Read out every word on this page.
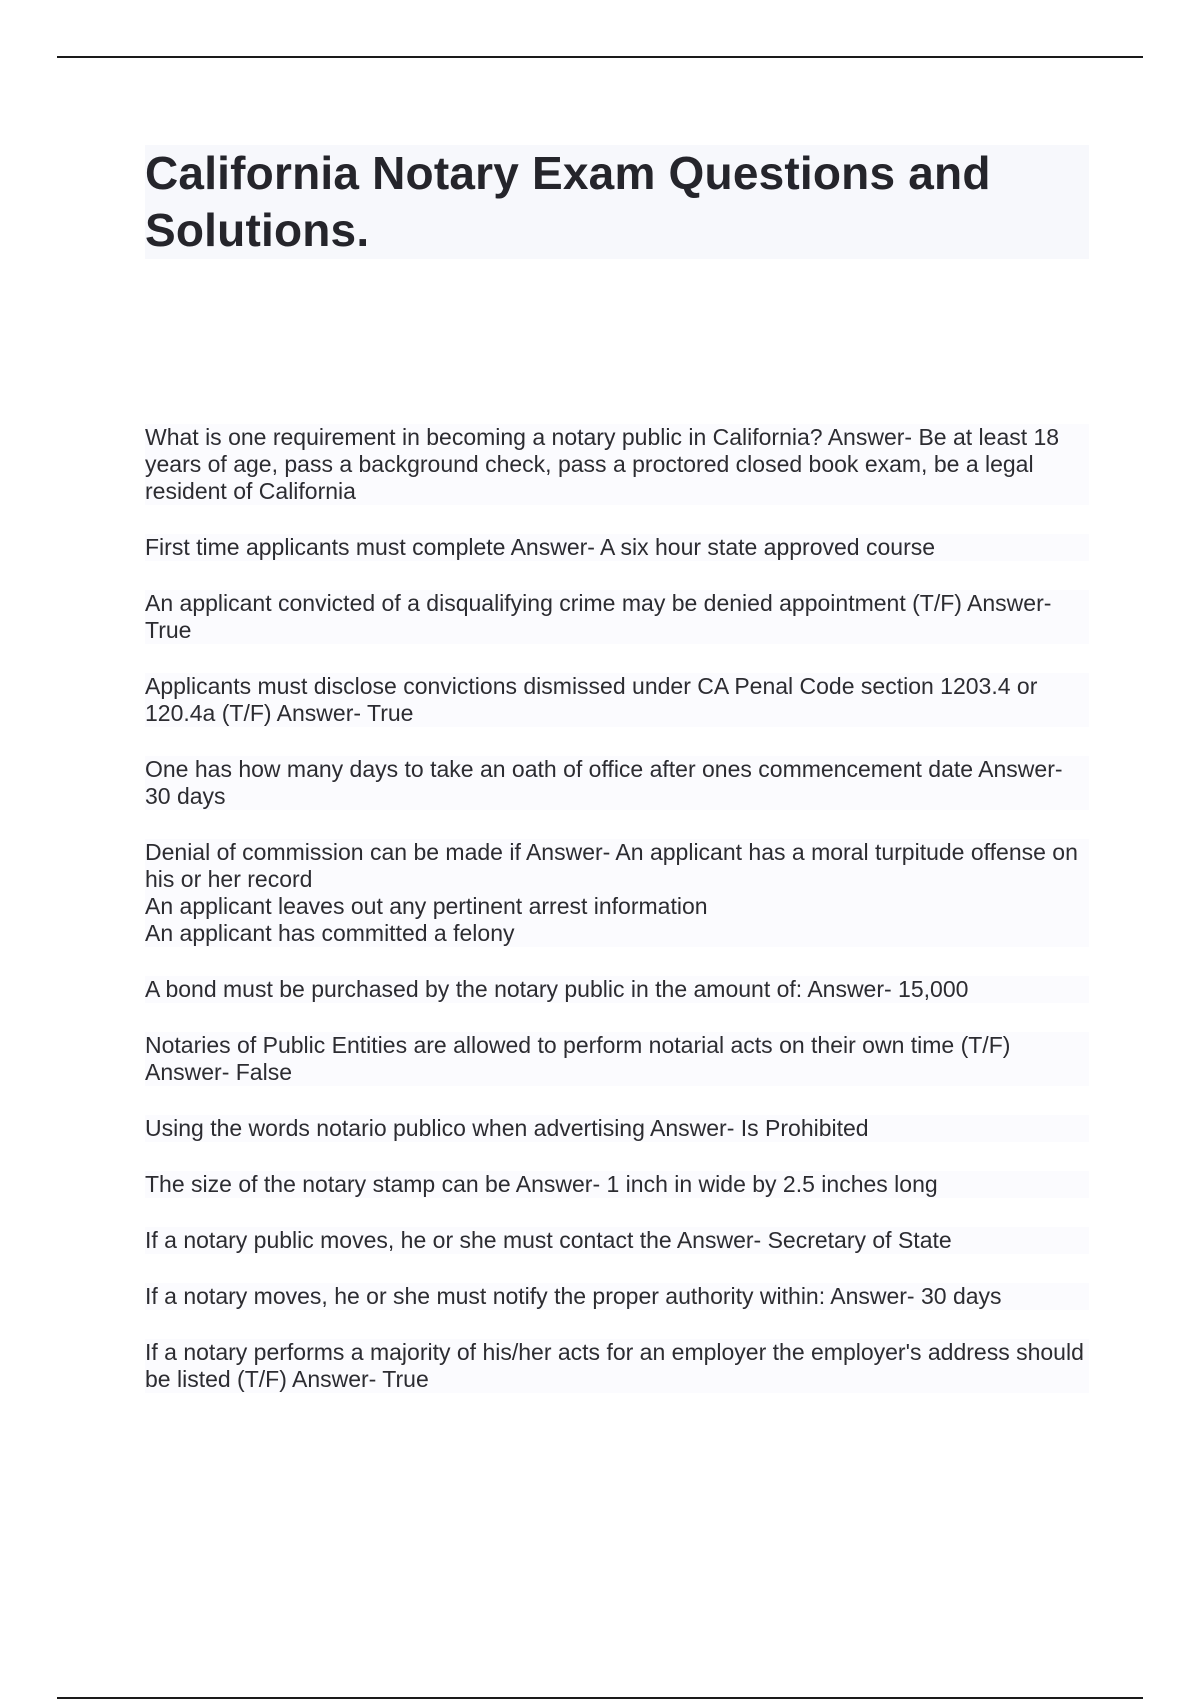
California Notary Exam Questions and Solutions.
What is one requirement in becoming a notary public in California? Answer- Be at least 18 years of age, pass a background check, pass a proctored closed book exam, be a legal resident of California
First time applicants must complete Answer- A six hour state approved course
An applicant convicted of a disqualifying crime may be denied appointment (T/F) Answer- True
Applicants must disclose convictions dismissed under CA Penal Code section 1203.4 or 120.4a (T/F) Answer- True
One has how many days to take an oath of office after ones commencement date Answer- 30 days
Denial of commission can be made if Answer- An applicant has a moral turpitude offense on his or her record
An applicant leaves out any pertinent arrest information
An applicant has committed a felony
A bond must be purchased by the notary public in the amount of: Answer- 15,000
Notaries of Public Entities are allowed to perform notarial acts on their own time (T/F) Answer- False
Using the words notario publico when advertising Answer- Is Prohibited
The size of the notary stamp can be Answer- 1 inch in wide by 2.5 inches long
If a notary public moves, he or she must contact the Answer- Secretary of State
If a notary moves, he or she must notify the proper authority within: Answer- 30 days
If a notary performs a majority of his/her acts for an employer the employer's address should be listed (T/F) Answer- True
